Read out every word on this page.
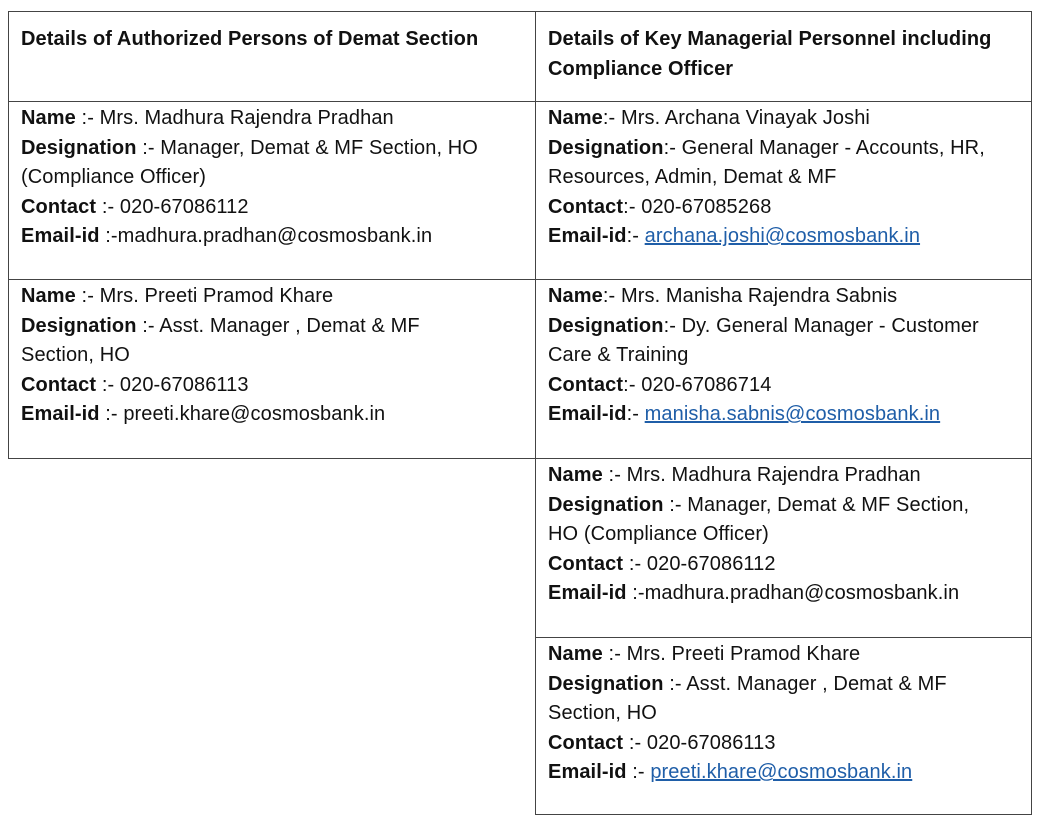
Details of Authorized Persons of Demat Section	Details of Key Managerial Personnel including Compliance Officer
Name :- Mrs. Madhura Rajendra Pradhan
Designation :- Manager, Demat & MF Section, HO
(Compliance Officer)
Contact :- 020-67086112
Email-id :-madhura.pradhan@cosmosbank.in
Name:- Mrs. Archana Vinayak Joshi
Designation:- General Manager - Accounts, HR,
Resources, Admin, Demat & MF
Contact:- 020-67085268
Email-id:- archana.joshi@cosmosbank.in
Name :- Mrs. Preeti Pramod Khare
Designation :- Asst. Manager , Demat & MF
Section, HO
Contact :- 020-67086113
Email-id :- preeti.khare@cosmosbank.in
Name:- Mrs. Manisha Rajendra Sabnis
Designation:- Dy. General Manager - Customer
Care & Training
Contact:- 020-67086714
Email-id:- manisha.sabnis@cosmosbank.in
Name :- Mrs. Madhura Rajendra Pradhan
Designation :- Manager, Demat & MF Section,
HO (Compliance Officer)
Contact :- 020-67086112
Email-id :-madhura.pradhan@cosmosbank.in
Name :- Mrs. Preeti Pramod Khare
Designation :- Asst. Manager , Demat & MF
Section, HO
Contact :- 020-67086113
Email-id :- preeti.khare@cosmosbank.in
